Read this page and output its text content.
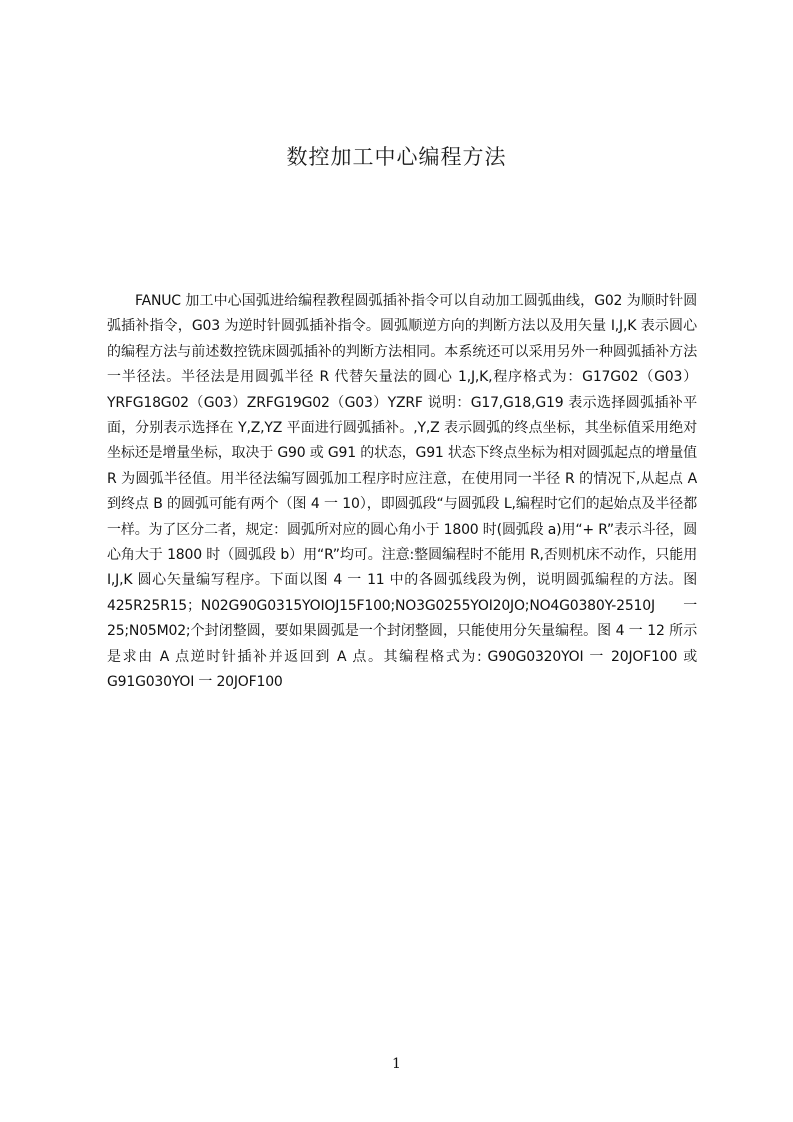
数控加工中心编程方法
FANUC 加工中心国弧进给编程教程圆弧插补指令可以自动加工圆弧曲线，G02 为顺时针圆弧插补指令，G03 为逆时针圆弧插补指令。圆弧顺逆方向的判断方法以及用矢量 I,J,K 表示圆心的编程方法与前述数控铣床圆弧插补的判断方法相同。本系统还可以采用另外一种圆弧插补方法一半径法。半径法是用圆弧半径 R 代替矢量法的圆心 1,J,K,程序格式为：G17G02（G03）YRFG18G02（G03）ZRFG19G02（G03）YZRF 说明：G17,G18,G19 表示选择圆弧插补平面，分别表示选择在 Y,Z,YZ 平面进行圆弧插补。,Y,Z 表示圆弧的终点坐标，其坐标值采用绝对坐标还是增量坐标，取决于 G90 或 G91 的状态，G91 状态下终点坐标为相对圆弧起点的增量值 R 为圆弧半径值。用半径法编写圆弧加工程序时应注意，在使用同一半径 R 的情况下,从起点 A 到终点 B 的圆弧可能有两个（图 4 一 10），即圆弧段“与圆弧段 L,编程时它们的起始点及半径都一样。为了区分二者，规定：圆弧所对应的圆心角小于 1800 时(圆弧段 a)用“+ R”表示斗径，圆心角大于 1800 时（圆弧段 b）用“R”均可。注意:整圆编程时不能用 R,否则机床不动作，只能用 I,J,K 圆心矢量编写程序。下面以图 4 一 11 中的各圆弧线段为例，说明圆弧编程的方法。图 425R25R15；N02G90G0315YOIOJ15F100;NO3G0255YOI20JO;NO4G0380Y-2510J 一 25;N05M02;个封闭整圆，要如果圆弧是一个封闭整圆，只能使用分矢量编程。图 4 一 12 所示是求由 A 点逆时针插补并返回到 A 点。其编程格式为: G90G0320YOI 一 20JOF100 或 G91G030YOI 一 20JOF100
1
